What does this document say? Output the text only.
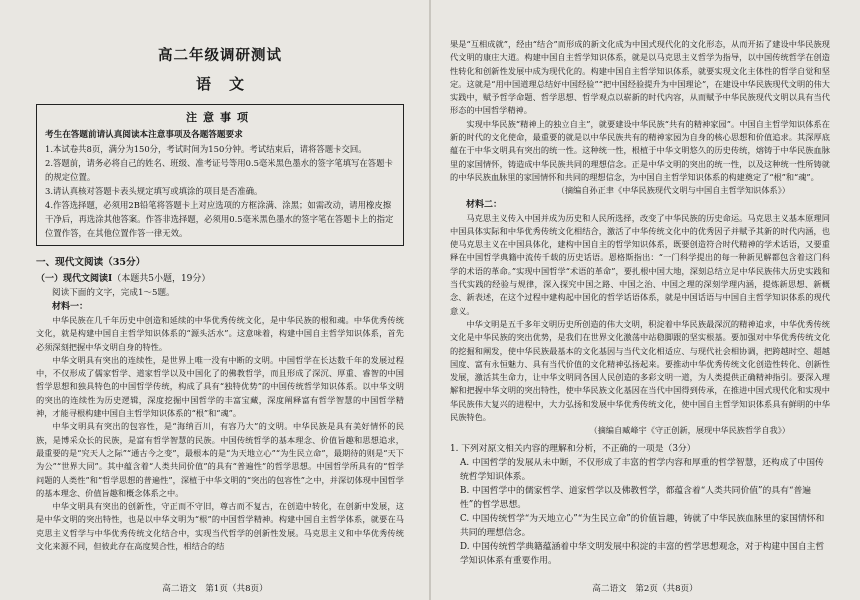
高二年级调研测试
语文
注意事项

考生在答题前请认真阅读本注意事项及各题答题要求

1.本试卷共8页，满分为150分，考试时间为150分钟。考试结束后，请将答题卡交回。

2.答题前，请务必将自己的姓名、班级、准考证号等用0.5毫米黑色墨水的签字笔填写在答题卡的规定位置。

3.请认真核对答题卡表头规定填写或填涂的项目是否准确。

4.作答选择题，必须用2B铅笔将答题卡上对应选项的方框涂满、涂黑；如需改动，请用橡皮擦干净后，再选涂其他答案。作答非选择题，必须用0.5毫米黑色墨水的签字笔在答题卡上的指定位置作答，在其他位置作答一律无效。

一、现代文阅读（35分）

（一）现代文阅读Ⅰ（本题共5小题，19分）

阅读下面的文字，完成1～5题。

材料一：

中华民族在几千年历史中创造和延续的中华优秀传统文化，是中华民族的根和魂。中华优秀传统文化，就是构建中国自主哲学知识体系的“源头活水”。这意味着，构建中国自主哲学知识体系，首先必须深刻把握中华文明自身的特性。

中华文明具有突出的连续性，是世界上唯一没有中断的文明。中国哲学在长达数千年的发展过程中，不仅形成了儒家哲学、道家哲学以及中国化了的佛教哲学，而且形成了深沉、厚重、睿智的中国哲学思想和独具特色的中国哲学传统，构成了具有“独特优势”的中国传统哲学知识体系。以中华文明的突出的连续性为历史逻辑，深度挖掘中国哲学的丰富宝藏，深度阐释富有哲学智慧的中国哲学精神，才能寻根构建中国自主哲学知识体系的“根”和“魂”。

中华文明具有突出的包容性，是“海纳百川，有容乃大”的文明。中华民族是具有美好情怀的民族，是博采众长的民族，是富有哲学智慧的民族。中国传统哲学的基本理念、价值旨趣和思想追求，最重要的是“究天人之际”“通古今之变”，最根本的是“为天地立心”“为生民立命”，最期待的则是“天下为公”“世界大同”。其中蕴含着“人类共同价值”的具有“普遍性”的哲学思想。中国哲学所具有的“哲学问题的人类性”和“哲学思想的普遍性”，深植于中华文明的“突出的包容性”之中，并深切体现中国哲学的基本理念、价值旨趣和概念体系之中。

中华文明具有突出的创新性，守正而不守旧，尊古而不复古，在创造中转化，在创新中发展，这是中华文明的突出特性，也是以中华文明为“根”的中国哲学精神。构建中国自主哲学体系，就要在马克思主义哲学与中华优秀传统文化结合中，实现当代哲学的创新性发展。马克思主义和中华优秀传统文化来源不同，但彼此存在高度契合性，相结合的结

高二语文　第1页（共8页）

果是“互相成就”，经由“结合”而形成的新文化成为中国式现代化的文化形态，从而开拓了建设中华民族现代文明的康庄大道。构建中国自主哲学知识体系，就是以马克思主义哲学为指导，以中国传统哲学在创造性转化和创新性发展中成为现代化的。构建中国自主哲学知识体系，就要实现文化主体性的哲学自觉和坚定。这就是“用中国道理总结好中国经验”“把中国经验提升为中国理论”，在建设中华民族现代文明的伟大实践中，赋予哲学命题、哲学思想、哲学观点以崭新的时代内容，从而赋予中华民族现代文明以具有当代形态的中国哲学精神。

实现中华民族“精神上的独立自主”，就要建设中华民族“共有的精神家园”。中国自主哲学知识体系在新的时代的文化使命，最重要的就是以中华民族共有的精神家园为自身的核心思想和价值追求。其深厚底蕴在于中华文明具有突出的统一性。这种统一性，根植于中华文明悠久的历史传统，熔铸于中华民族血脉里的家国情怀，铸造成中华民族共同的理想信念。正是中华文明的突出的统一性，以及这种统一性所铸就的中华民族血脉里的家国情怀和共同的理想信念，为中国自主哲学知识体系的构建奠定了“根”和“魂”。

（摘编自孙正聿《中华民族现代文明与中国自主哲学知识体系》）

材料二：

马克思主义传入中国并成为历史和人民所选择，改变了中华民族的历史命运。马克思主义基本原理同中国具体实际和中华优秀传统文化相结合，激活了中华传统文化中的优秀因子并赋予其新的时代内涵，也使马克思主义在中国具体化，建构中国自主的哲学知识体系，既要创造符合时代精神的学术话语，又要重释在中国哲学典籍中流传千载的历史话语。恩格斯指出：“一门科学提出的每一种新见解都包含着这门科学的术语的革命。”实现中国哲学“术语的革命”，要扎根中国大地，深刻总结立足中华民族伟大历史实践和当代实践的经验与规律，深入探究中国之路、中国之治、中国之理的深刻学理内涵，提炼新思想、新概念、新表述，在这个过程中建构起中国化的哲学话语体系，就是中国话语与中国自主哲学知识体系的现代意义。

中华文明是五千多年文明历史所创造的伟大文明，积淀着中华民族最深沉的精神追求，中华优秀传统文化是中华民族的突出优势，是我们在世界文化激荡中站稳脚跟的坚实根基。要加强对中华优秀传统文化的挖掘和阐发，使中华民族最基本的文化基因与当代文化相适应、与现代社会相协调，把跨越时空、超越国度、富有永恒魅力、具有当代价值的文化精神弘扬起来。要推动中华优秀传统文化创造性转化、创新性发展，激活其生命力，让中华文明同各国人民创造的多彩文明一道，为人类提供正确精神指引。要深入理解和把握中华文明的突出特性，使中华民族文化基因在当代中国得到传承，在推进中国式现代化和实现中华民族伟大复兴的进程中，大力弘扬和发展中华优秀传统文化，使中国自主哲学知识体系具有鲜明的中华民族特色。

（摘编自臧峰宇《守正创新，展现中华民族哲学自我》）

1. 下列对原文相关内容的理解和分析，不正确的一项是（3分）

A. 中国哲学的发展从未中断，不仅形成了丰富的哲学内容和厚重的哲学智慧，还构成了中国传统哲学知识体系。

B. 中国哲学中的儒家哲学、道家哲学以及佛教哲学，都蕴含着“人类共同价值”的具有“普遍性”的哲学思想。

C. 中国传统哲学“为天地立心”“为生民立命”的价值旨趣，铸就了中华民族血脉里的家国情怀和共同的理想信念。

D. 中国传统哲学典籍蕴涵着中华文明发展中积淀的丰富的哲学思想观念，对于构建中国自主哲学知识体系有重要作用。

高二语文　第2页（共8页）
